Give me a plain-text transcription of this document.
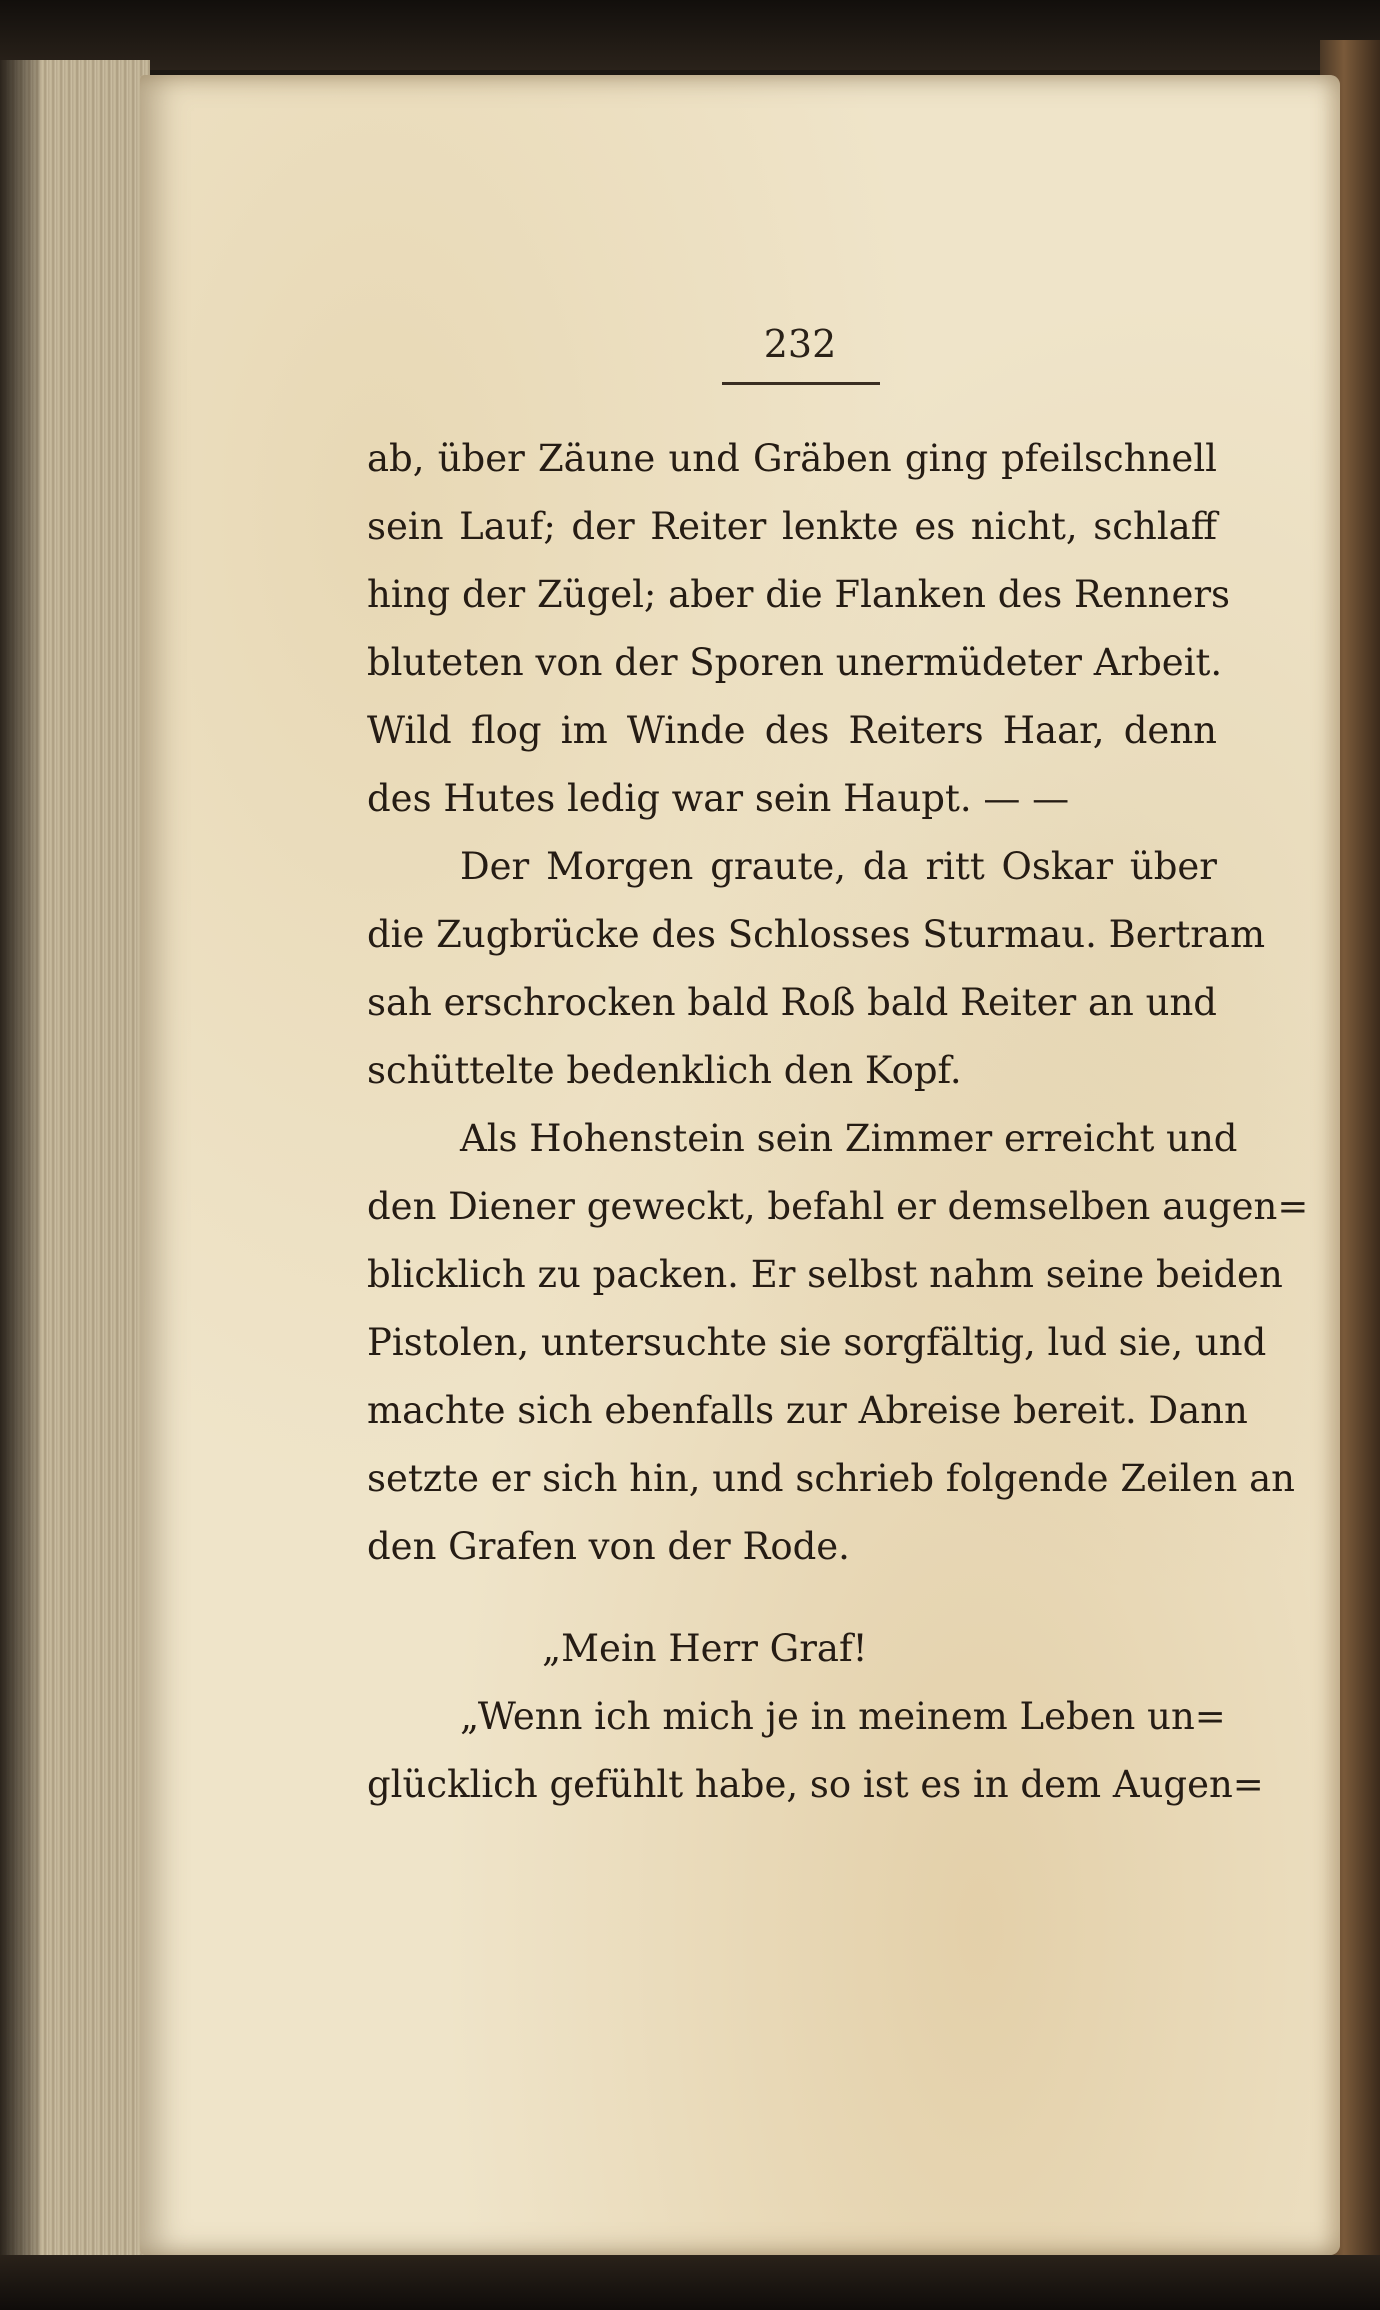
232
ab, über Zäune und Gräben ging pfeilschnell
sein Lauf; der Reiter lenkte es nicht, schlaff
hing der Zügel; aber die Flanken des Renners
bluteten von der Sporen unermüdeter Arbeit.
Wild flog im Winde des Reiters Haar, denn
des Hutes ledig war sein Haupt. — —
Der Morgen graute, da ritt Oskar über
die Zugbrücke des Schlosses Sturmau. Bertram
sah erschrocken bald Roß bald Reiter an und
schüttelte bedenklich den Kopf.
Als Hohenstein sein Zimmer erreicht und
den Diener geweckt, befahl er demselben augen=
blicklich zu packen. Er selbst nahm seine beiden
Pistolen, untersuchte sie sorgfältig, lud sie, und
machte sich ebenfalls zur Abreise bereit. Dann
setzte er sich hin, und schrieb folgende Zeilen an
den Grafen von der Rode.
„Mein Herr Graf!
„Wenn ich mich je in meinem Leben un=
glücklich gefühlt habe, so ist es in dem Augen=
